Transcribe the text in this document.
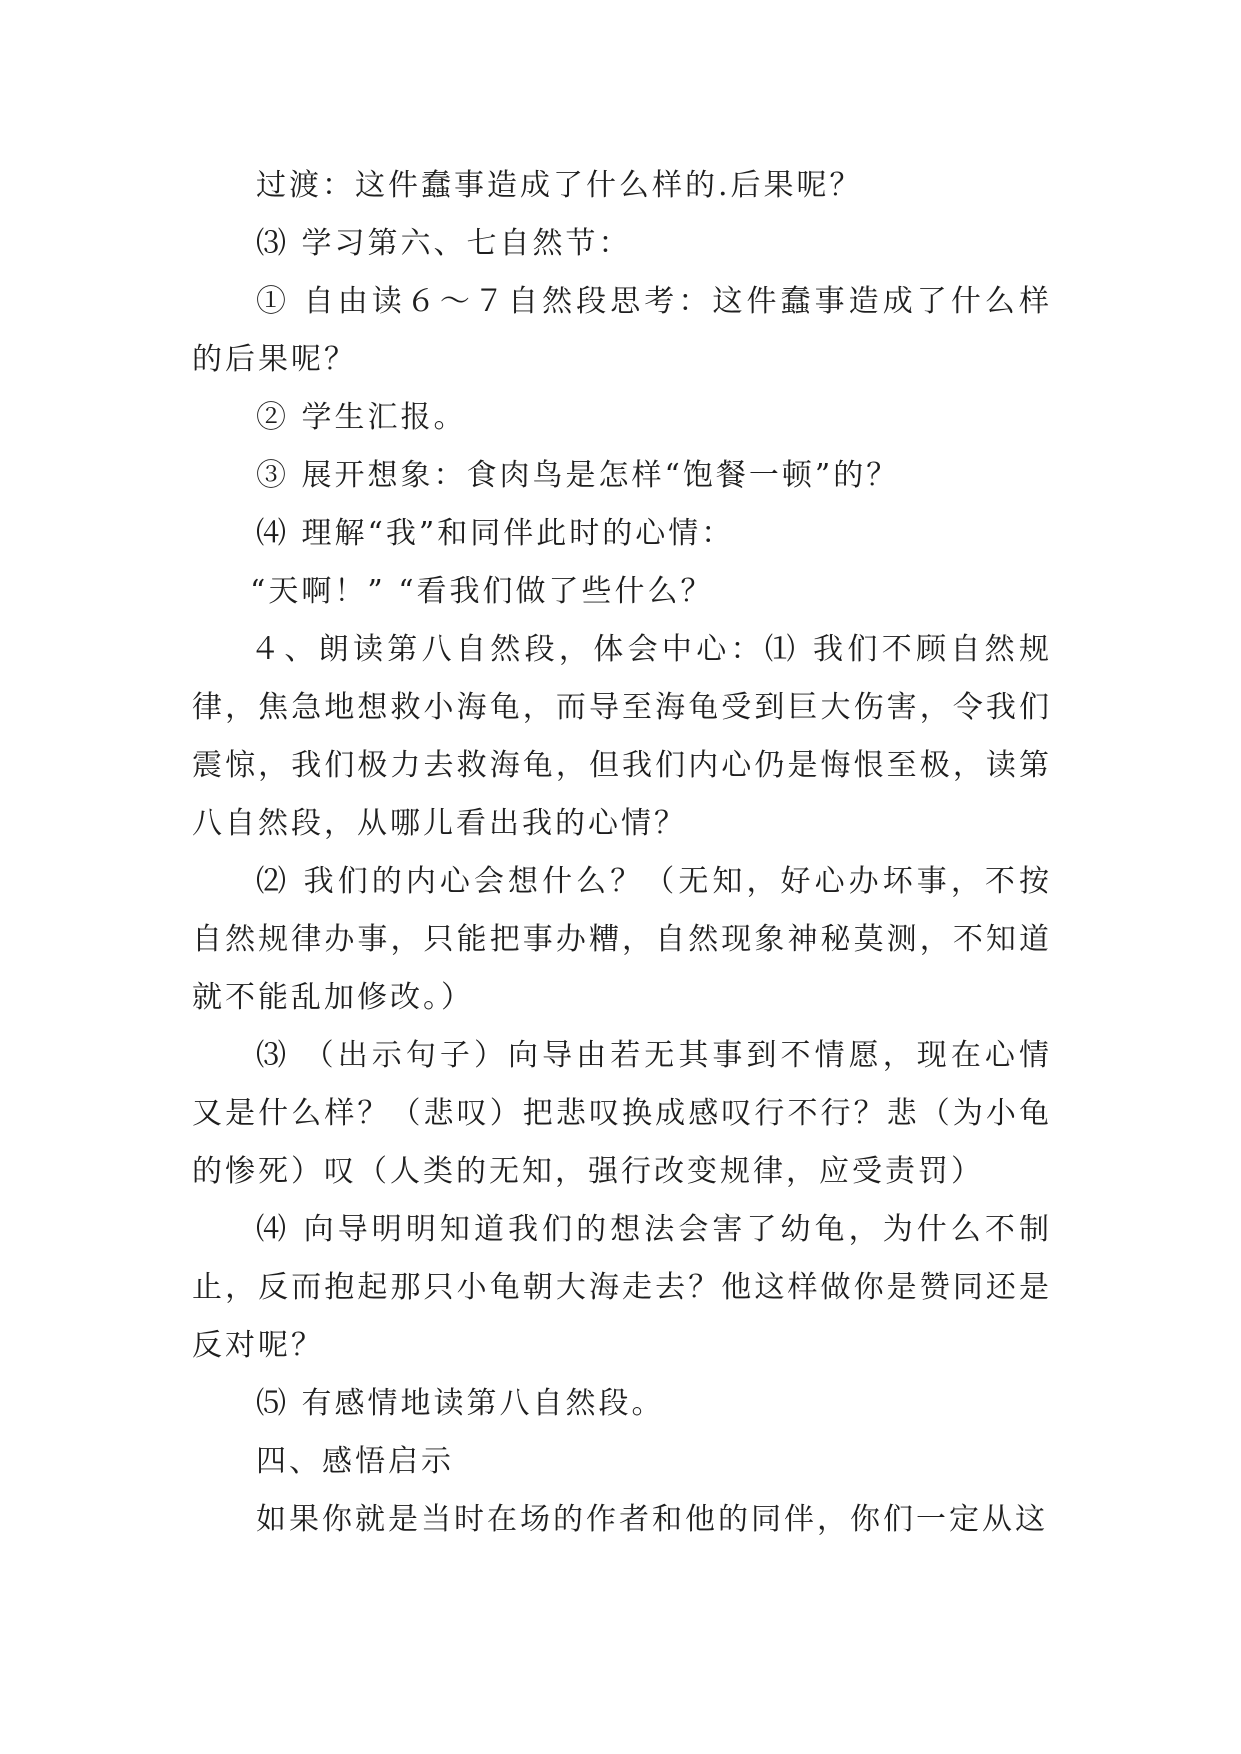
过渡：这件蠢事造成了什么样的.后果呢？

⑶ 学习第六、七自然节：

① 自由读６～７自然段思考：这件蠢事造成了什么样的后果呢？

② 学生汇报。

③ 展开想象：食肉鸟是怎样“饱餐一顿”的？

⑷ 理解“我”和同伴此时的心情：

“天啊！” “看我们做了些什么？

４、朗读第八自然段，体会中心：⑴ 我们不顾自然规律，焦急地想救小海龟，而导至海龟受到巨大伤害，令我们震惊，我们极力去救海龟，但我们内心仍是悔恨至极，读第八自然段，从哪儿看出我的心情？

⑵ 我们的内心会想什么？（无知，好心办坏事，不按自然规律办事，只能把事办糟，自然现象神秘莫测，不知道就不能乱加修改。）

⑶ （出示句子）向导由若无其事到不情愿，现在心情又是什么样？（悲叹）把悲叹换成感叹行不行？悲（为小龟的惨死）叹（人类的无知，强行改变规律，应受责罚）

⑷ 向导明明知道我们的想法会害了幼龟，为什么不制止，反而抱起那只小龟朝大海走去？他这样做你是赞同还是反对呢？

⑸ 有感情地读第八自然段。

四、感悟启示

如果你就是当时在场的作者和他的同伴，你们一定从这
